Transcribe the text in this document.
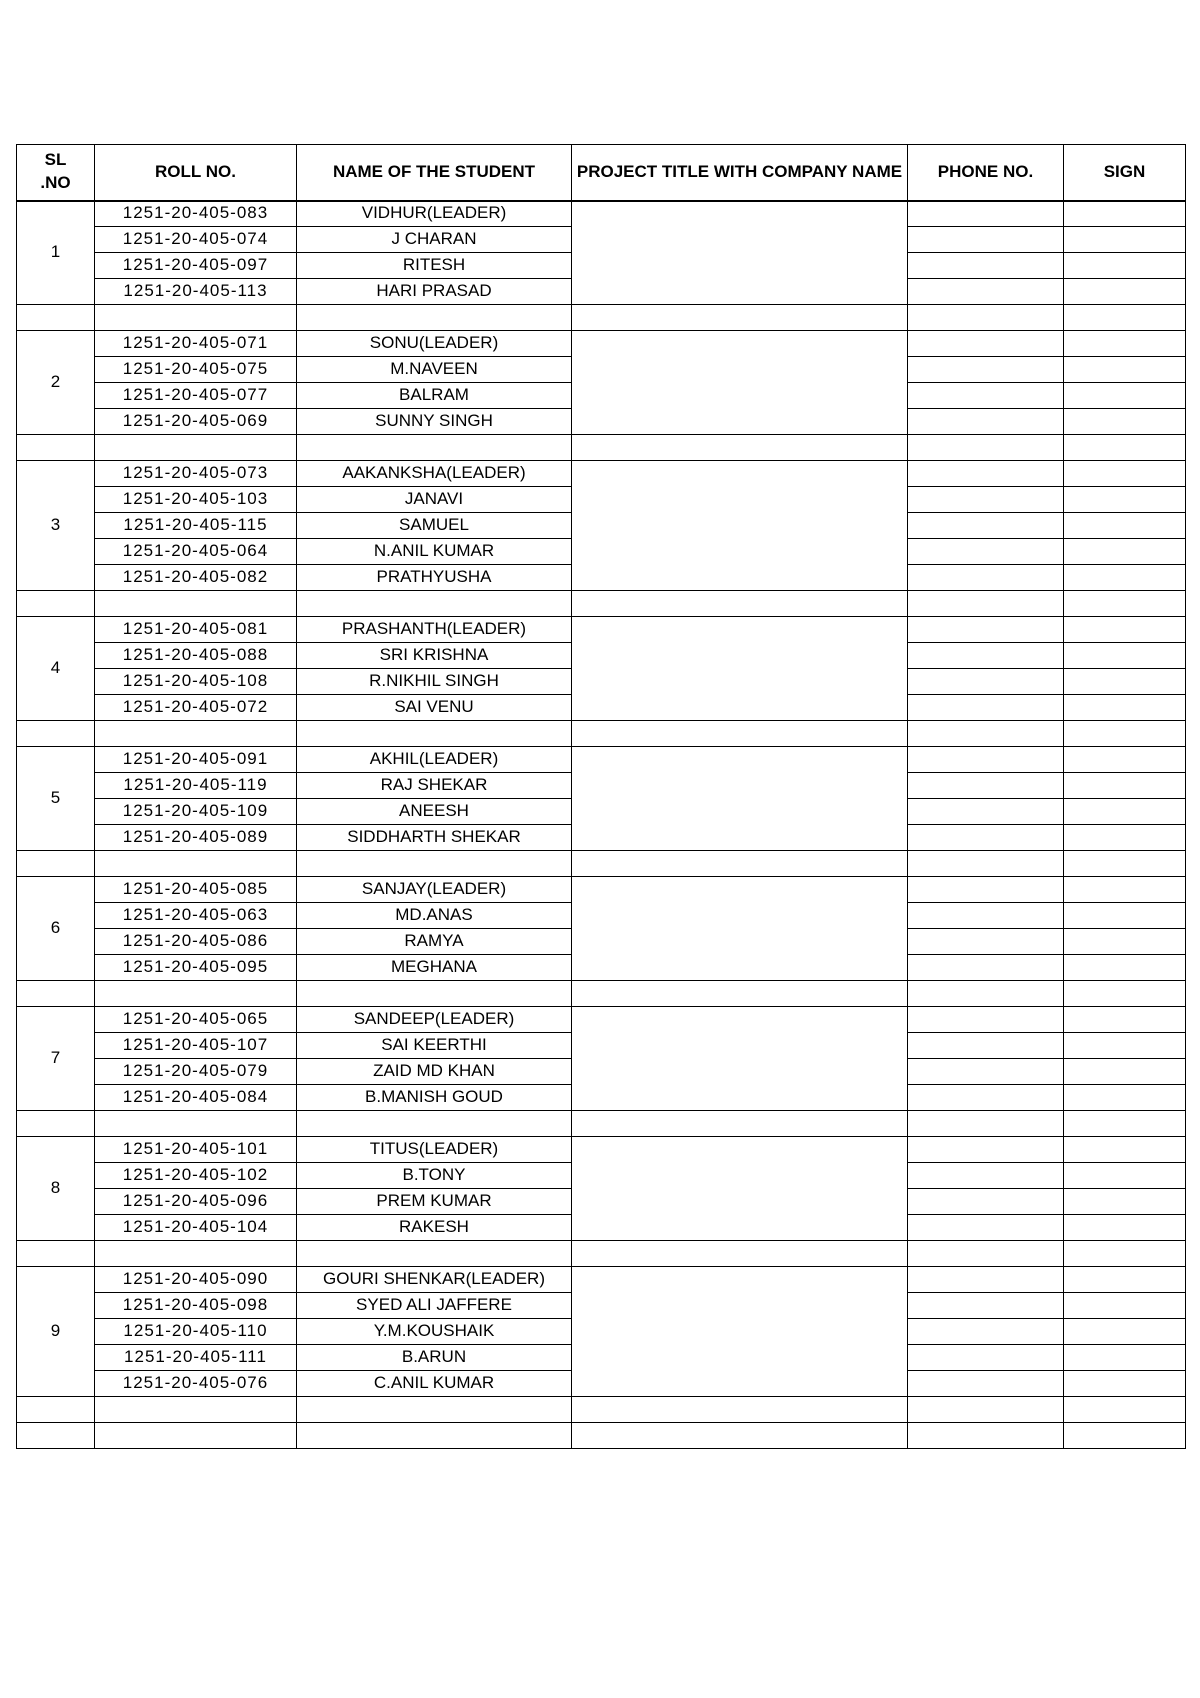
SL
.NO	ROLL NO.	NAME OF THE STUDENT	PROJECT TITLE WITH COMPANY NAME	PHONE NO.	SIGN
1	1251-20-405-083	VIDHUR(LEADER)			
	1251-20-405-074	J CHARAN			
	1251-20-405-097	RITESH			
	1251-20-405-113	HARI PRASAD			

2	1251-20-405-071	SONU(LEADER)			
	1251-20-405-075	M.NAVEEN			
	1251-20-405-077	BALRAM			
	1251-20-405-069	SUNNY SINGH			

3	1251-20-405-073	AAKANKSHA(LEADER)			
	1251-20-405-103	JANAVI			
	1251-20-405-115	SAMUEL			
	1251-20-405-064	N.ANIL KUMAR			
	1251-20-405-082	PRATHYUSHA			

4	1251-20-405-081	PRASHANTH(LEADER)			
	1251-20-405-088	SRI KRISHNA			
	1251-20-405-108	R.NIKHIL SINGH			
	1251-20-405-072	SAI VENU			

5	1251-20-405-091	AKHIL(LEADER)			
	1251-20-405-119	RAJ SHEKAR			
	1251-20-405-109	ANEESH			
	1251-20-405-089	SIDDHARTH SHEKAR			

6	1251-20-405-085	SANJAY(LEADER)			
	1251-20-405-063	MD.ANAS			
	1251-20-405-086	RAMYA			
	1251-20-405-095	MEGHANA			

7	1251-20-405-065	SANDEEP(LEADER)			
	1251-20-405-107	SAI KEERTHI			
	1251-20-405-079	ZAID MD KHAN			
	1251-20-405-084	B.MANISH GOUD			

8	1251-20-405-101	TITUS(LEADER)			
	1251-20-405-102	B.TONY			
	1251-20-405-096	PREM KUMAR			
	1251-20-405-104	RAKESH			

9	1251-20-405-090	GOURI SHENKAR(LEADER)			
	1251-20-405-098	SYED ALI JAFFERE			
	1251-20-405-110	Y.M.KOUSHAIK			
	1251-20-405-111	B.ARUN			
	1251-20-405-076	C.ANIL KUMAR			
